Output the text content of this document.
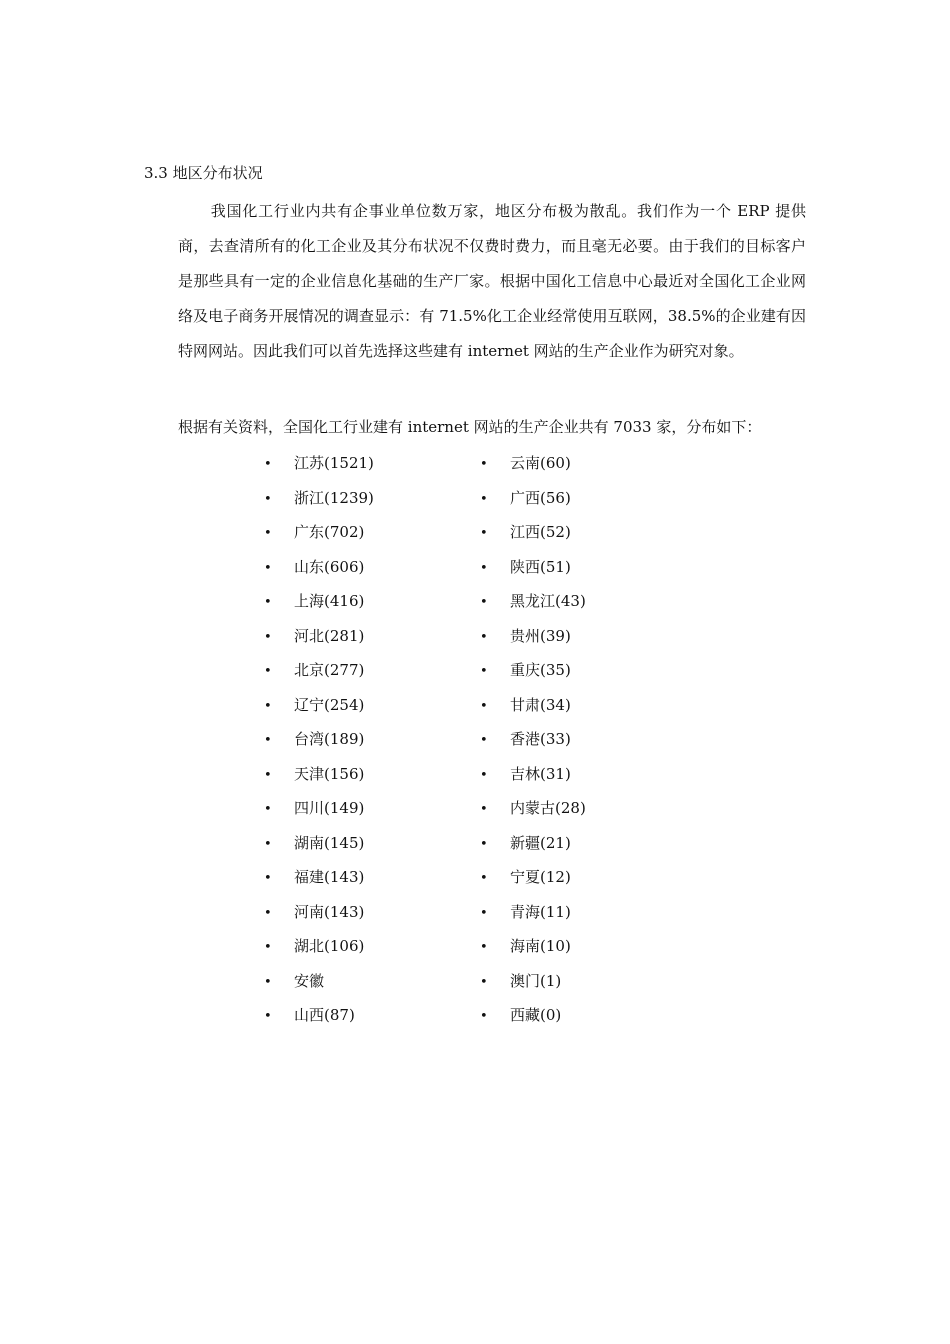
3.3 地区分布状况
我国化工行业内共有企事业单位数万家，地区分布极为散乱。我们作为一个 ERP 提供商，去查清所有的化工企业及其分布状况不仅费时费力，而且毫无必要。由于我们的目标客户是那些具有一定的企业信息化基础的生产厂家。根据中国化工信息中心最近对全国化工企业网络及电子商务开展情况的调查显示：有 71.5%化工企业经常使用互联网，38.5%的企业建有因特网网站。因此我们可以首先选择这些建有 internet 网站的生产企业作为研究对象。
根据有关资料，全国化工行业建有 internet 网站的生产企业共有 7033 家，分布如下：
• 江苏(1521)
• 浙江(1239)
• 广东(702)
• 山东(606)
• 上海(416)
• 河北(281)
• 北京(277)
• 辽宁(254)
• 台湾(189)
• 天津(156)
• 四川(149)
• 湖南(145)
• 福建(143)
• 河南(143)
• 湖北(106)
• 安徽
• 山西(87)
• 云南(60)
• 广西(56)
• 江西(52)
• 陕西(51)
• 黑龙江(43)
• 贵州(39)
• 重庆(35)
• 甘肃(34)
• 香港(33)
• 吉林(31)
• 内蒙古(28)
• 新疆(21)
• 宁夏(12)
• 青海(11)
• 海南(10)
• 澳门(1)
• 西藏(0)
